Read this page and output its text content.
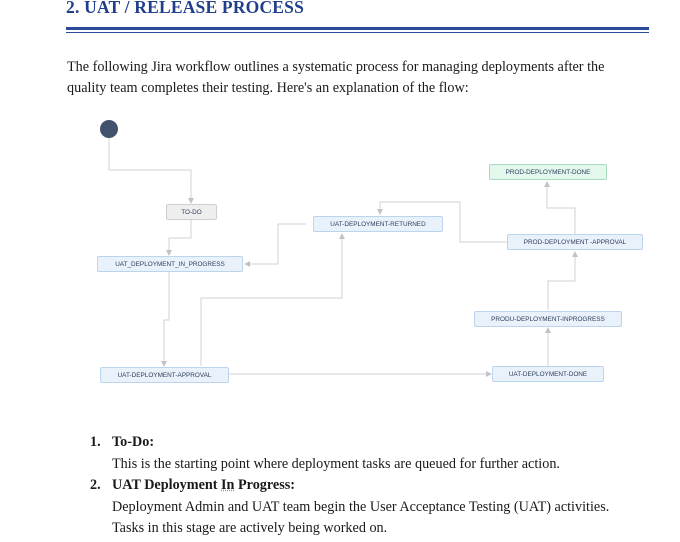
2. UAT / RELEASE PROCESS

The following Jira workflow outlines a systematic process for managing deployments after the

quality team completes their testing. Here's an explanation of the flow:

TO-DO
UAT-DEPLOYMENT-RETURNED
UAT_DEPLOYMENT_IN_PROGRESS
UAT-DEPLOYMENT-APPROVAL	UAT-DEPLOYMENT-DONE
PRODU-DEPLOYMENT-INPROGRESS
PROD-DEPLOYMENT -APPROVAL
PROD-DEPLOYMENT-DONE
1. To-Do:
This is the starting point where deployment tasks are queued for further action.
2. UAT Deployment In Progress:
Deployment Admin and UAT team begin the User Acceptance Testing (UAT) activities.
Tasks in this stage are actively being worked on.
